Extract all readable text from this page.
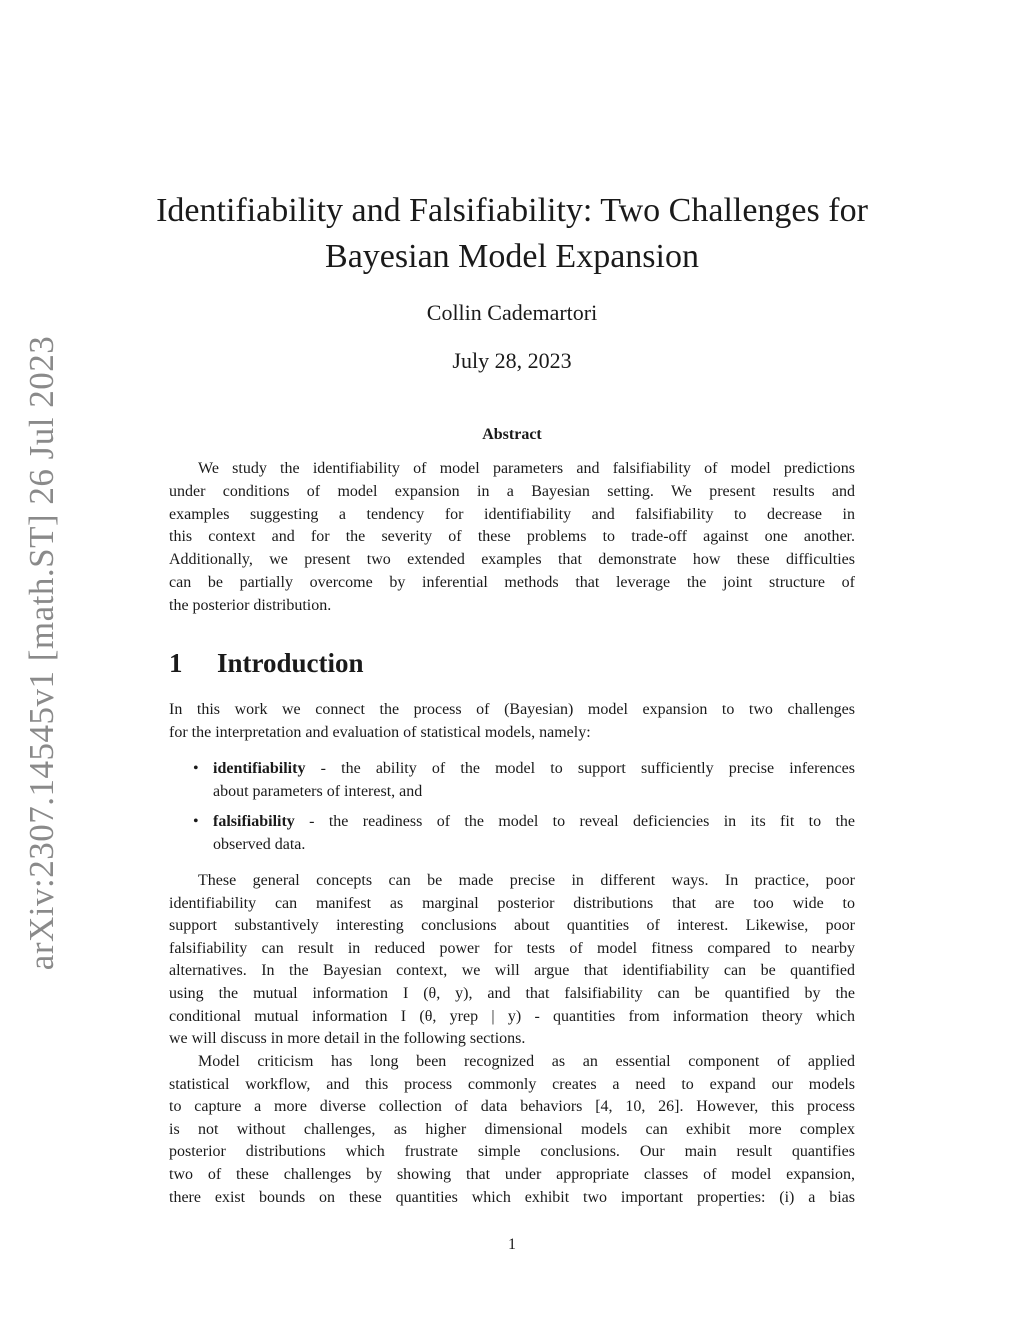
arXiv:2307.14545v1 [math.ST] 26 Jul 2023
Identifiability and Falsifiability: Two Challenges for
Bayesian Model Expansion
Collin Cademartori
July 28, 2023
Abstract
We study the identifiability of model parameters and falsifiability of model predictions
under conditions of model expansion in a Bayesian setting. We present results and
examples suggesting a tendency for identifiability and falsifiability to decrease in
this context and for the severity of these problems to trade-off against one another.
Additionally, we present two extended examples that demonstrate how these difficulties
can be partially overcome by inferential methods that leverage the joint structure of
the posterior distribution.
1 Introduction
In this work we connect the process of (Bayesian) model expansion to two challenges
for the interpretation and evaluation of statistical models, namely:
• identifiability - the ability of the model to support sufficiently precise inferences
about parameters of interest, and
• falsifiability - the readiness of the model to reveal deficiencies in its fit to the
observed data.
These general concepts can be made precise in different ways. In practice, poor
identifiability can manifest as marginal posterior distributions that are too wide to
support substantively interesting conclusions about quantities of interest. Likewise, poor
falsifiability can result in reduced power for tests of model fitness compared to nearby
alternatives. In the Bayesian context, we will argue that identifiability can be quantified
using the mutual information I (θ, y), and that falsifiability can be quantified by the
conditional mutual information I (θ, yrep | y) - quantities from information theory which
we will discuss in more detail in the following sections.
Model criticism has long been recognized as an essential component of applied
statistical workflow, and this process commonly creates a need to expand our models
to capture a more diverse collection of data behaviors [4, 10, 26]. However, this process
is not without challenges, as higher dimensional models can exhibit more complex
posterior distributions which frustrate simple conclusions. Our main result quantifies
two of these challenges by showing that under appropriate classes of model expansion,
there exist bounds on these quantities which exhibit two important properties: (i) a bias
1
